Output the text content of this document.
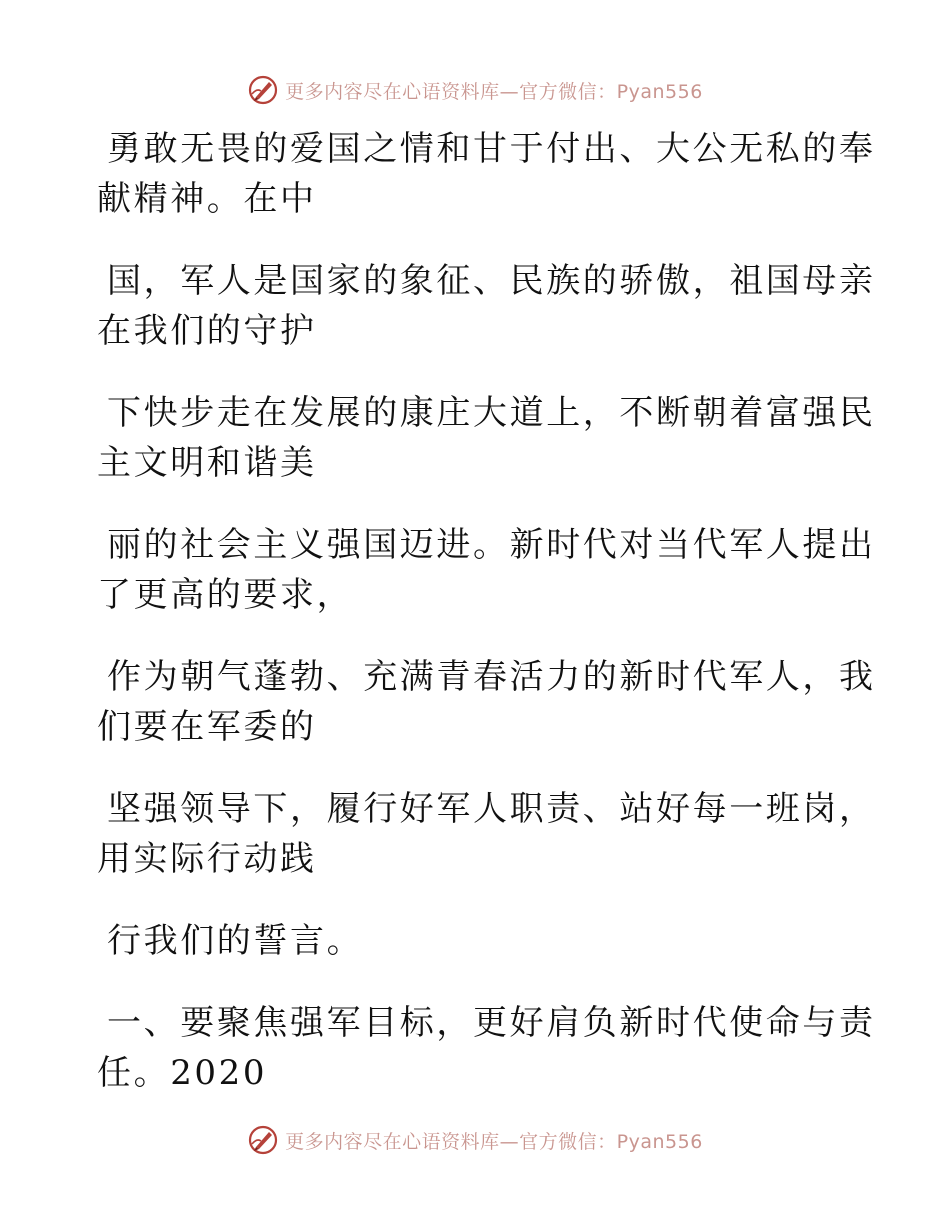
更多内容尽在心语资料库—官方微信：Pyan556
勇敢无畏的爱国之情和甘于付出、大公无私的奉
献精神。在中
国，军人是国家的象征、民族的骄傲，祖国母亲
在我们的守护
下快步走在发展的康庄大道上，不断朝着富强民
主文明和谐美
丽的社会主义强国迈进。新时代对当代军人提出
了更高的要求，
作为朝气蓬勃、充满青春活力的新时代军人，我
们要在军委的
坚强领导下，履行好军人职责、站好每一班岗，
用实际行动践
行我们的誓言。
一、要聚焦强军目标，更好肩负新时代使命与责
任。2020
更多内容尽在心语资料库—官方微信：Pyan556
